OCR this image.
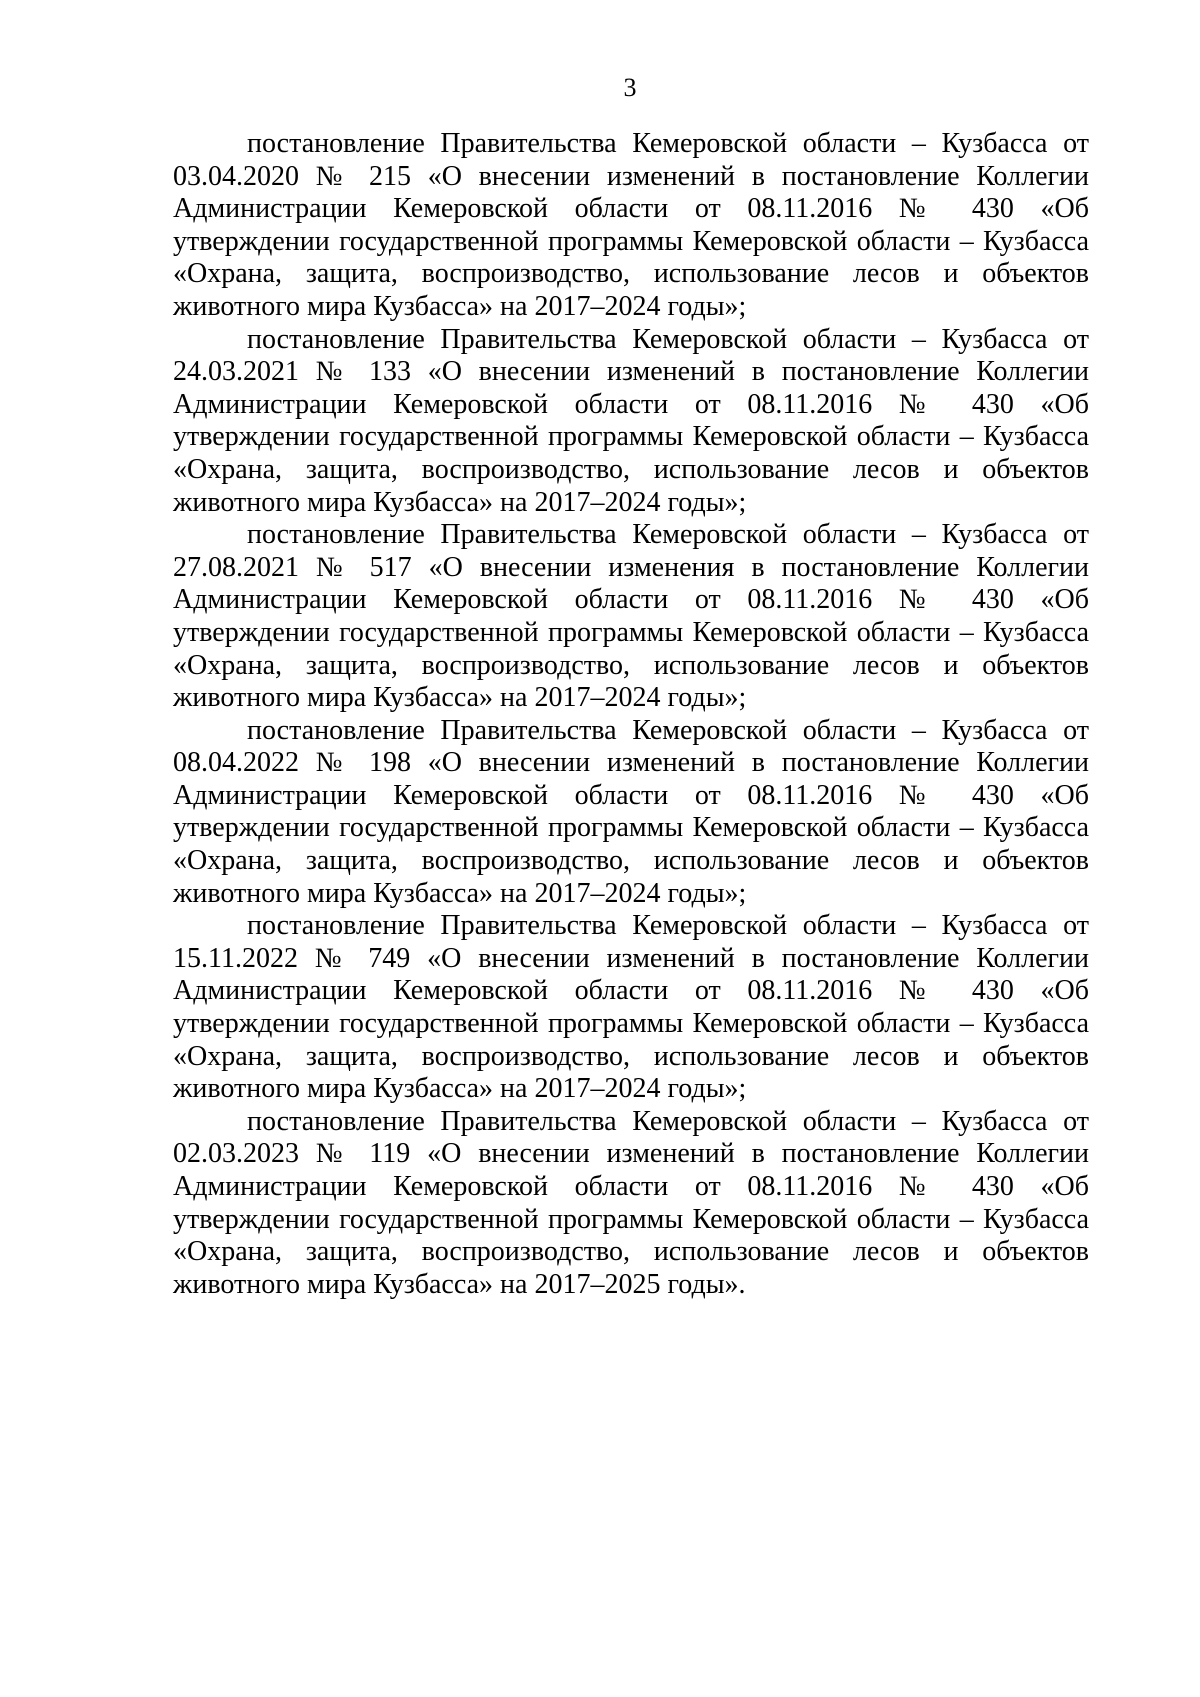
3

постановление Правительства Кемеровской области – Кузбасса от 03.04.2020 № 215 «О внесении изменений в постановление Коллегии Администрации Кемеровской области от 08.11.2016 № 430 «Об утверждении государственной программы Кемеровской области – Кузбасса «Охрана, защита, воспроизводство, использование лесов и объектов животного мира Кузбасса» на 2017–2024 годы»;

постановление Правительства Кемеровской области – Кузбасса от 24.03.2021 № 133 «О внесении изменений в постановление Коллегии Администрации Кемеровской области от 08.11.2016 № 430 «Об утверждении государственной программы Кемеровской области – Кузбасса «Охрана, защита, воспроизводство, использование лесов и объектов животного мира Кузбасса» на 2017–2024 годы»;

постановление Правительства Кемеровской области – Кузбасса от 27.08.2021 № 517 «О внесении изменения в постановление Коллегии Администрации Кемеровской области от 08.11.2016 № 430 «Об утверждении государственной программы Кемеровской области – Кузбасса «Охрана, защита, воспроизводство, использование лесов и объектов животного мира Кузбасса» на 2017–2024 годы»;

постановление Правительства Кемеровской области – Кузбасса от 08.04.2022 № 198 «О внесении изменений в постановление Коллегии Администрации Кемеровской области от 08.11.2016 № 430 «Об утверждении государственной программы Кемеровской области – Кузбасса «Охрана, защита, воспроизводство, использование лесов и объектов животного мира Кузбасса» на 2017–2024 годы»;

постановление Правительства Кемеровской области – Кузбасса от 15.11.2022 № 749 «О внесении изменений в постановление Коллегии Администрации Кемеровской области от 08.11.2016 № 430 «Об утверждении государственной программы Кемеровской области – Кузбасса «Охрана, защита, воспроизводство, использование лесов и объектов животного мира Кузбасса» на 2017–2024 годы»;

постановление Правительства Кемеровской области – Кузбасса от 02.03.2023 № 119 «О внесении изменений в постановление Коллегии Администрации Кемеровской области от 08.11.2016 № 430 «Об утверждении государственной программы Кемеровской области – Кузбасса «Охрана, защита, воспроизводство, использование лесов и объектов животного мира Кузбасса» на 2017–2025 годы».
